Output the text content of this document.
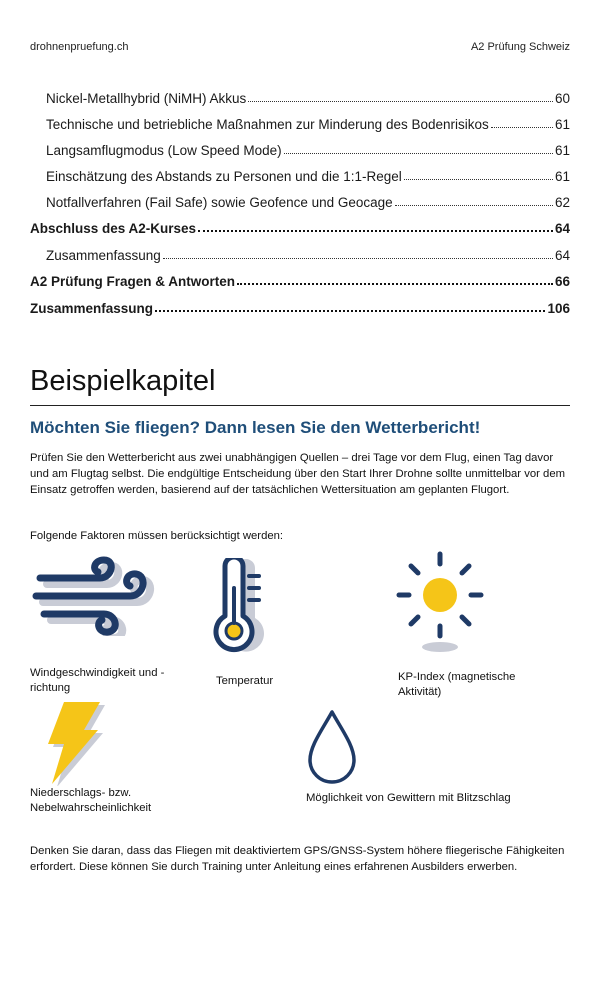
drohnenpruefung.ch	A2 Prüfung Schweiz
Nickel-Metallhybrid (NiMH) Akkus	60
Technische und betriebliche Maßnahmen zur Minderung des Bodenrisikos	61
Langsamflugmodus (Low Speed Mode)	61
Einschätzung des Abstands zu Personen und die 1:1-Regel	61
Notfallverfahren (Fail Safe) sowie Geofence und Geocage	62
Abschluss des A2-Kurses	64
Zusammenfassung	64
A2 Prüfung Fragen & Antworten	66
Zusammenfassung	106
Beispielkapitel
Möchten Sie fliegen? Dann lesen Sie den Wetterbericht!
Prüfen Sie den Wetterbericht aus zwei unabhängigen Quellen – drei Tage vor dem Flug, einen Tag davor und am Flugtag selbst. Die endgültige Entscheidung über den Start Ihrer Drohne sollte unmittelbar vor dem Einsatz getroffen werden, basierend auf der tatsächlichen Wettersituation am geplanten Flugort.
Folgende Faktoren müssen berücksichtigt werden:
Windgeschwindigkeit und -
richtung
Temperatur	KP-Index (magnetische
Aktivität)
Niederschlags- bzw.
Nebelwahrscheinlichkeit
Möglichkeit von Gewittern mit Blitzschlag
Denken Sie daran, dass das Fliegen mit deaktiviertem GPS/GNSS-System höhere fliegerische Fähigkeiten erfordert. Diese können Sie durch Training unter Anleitung eines erfahrenen Ausbilders erwerben.
